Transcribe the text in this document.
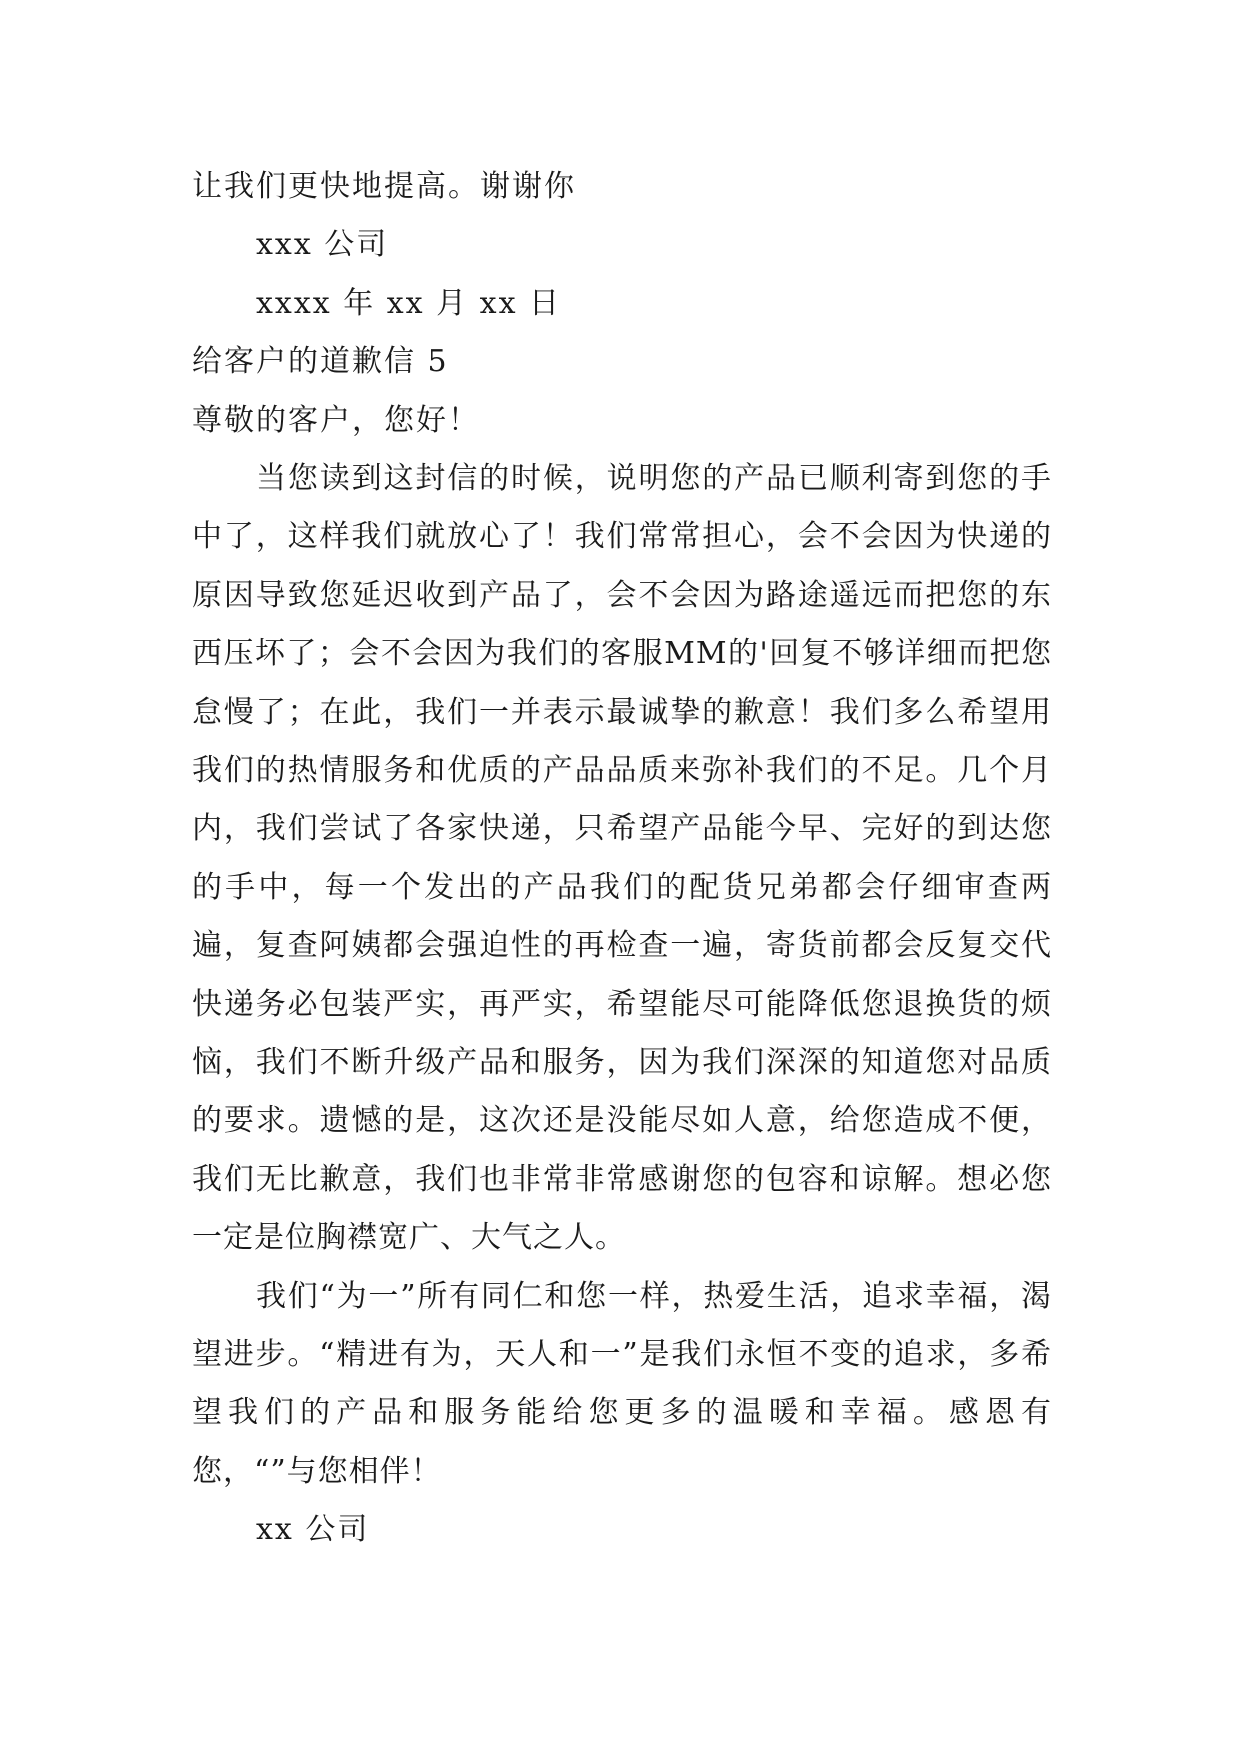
让我们更快地提高。谢谢你
xxx 公司
xxxx 年 xx 月 xx 日
给客户的道歉信 5
尊敬的客户，您好！

当您读到这封信的时候，说明您的产品已顺利寄到您的手中了，这样我们就放心了！我们常常担心，会不会因为快递的原因导致您延迟收到产品了，会不会因为路途遥远而把您的东西压坏了；会不会因为我们的客服MM的'回复不够详细而把您怠慢了；在此，我们一并表示最诚挚的歉意！我们多么希望用我们的热情服务和优质的产品品质来弥补我们的不足。几个月内，我们尝试了各家快递，只希望产品能今早、完好的到达您的手中，每一个发出的产品我们的配货兄弟都会仔细审查两遍，复查阿姨都会强迫性的再检查一遍，寄货前都会反复交代快递务必包装严实，再严实，希望能尽可能降低您退换货的烦恼，我们不断升级产品和服务，因为我们深深的知道您对品质的要求。遗憾的是，这次还是没能尽如人意，给您造成不便，我们无比歉意，我们也非常非常感谢您的包容和谅解。想必您一定是位胸襟宽广、大气之人。

我们“为一”所有同仁和您一样，热爱生活，追求幸福，渴望进步。“精进有为，天人和一”是我们永恒不变的追求，多希望我们的产品和服务能给您更多的温暖和幸福。感恩有您，“”与您相伴！

xx 公司
